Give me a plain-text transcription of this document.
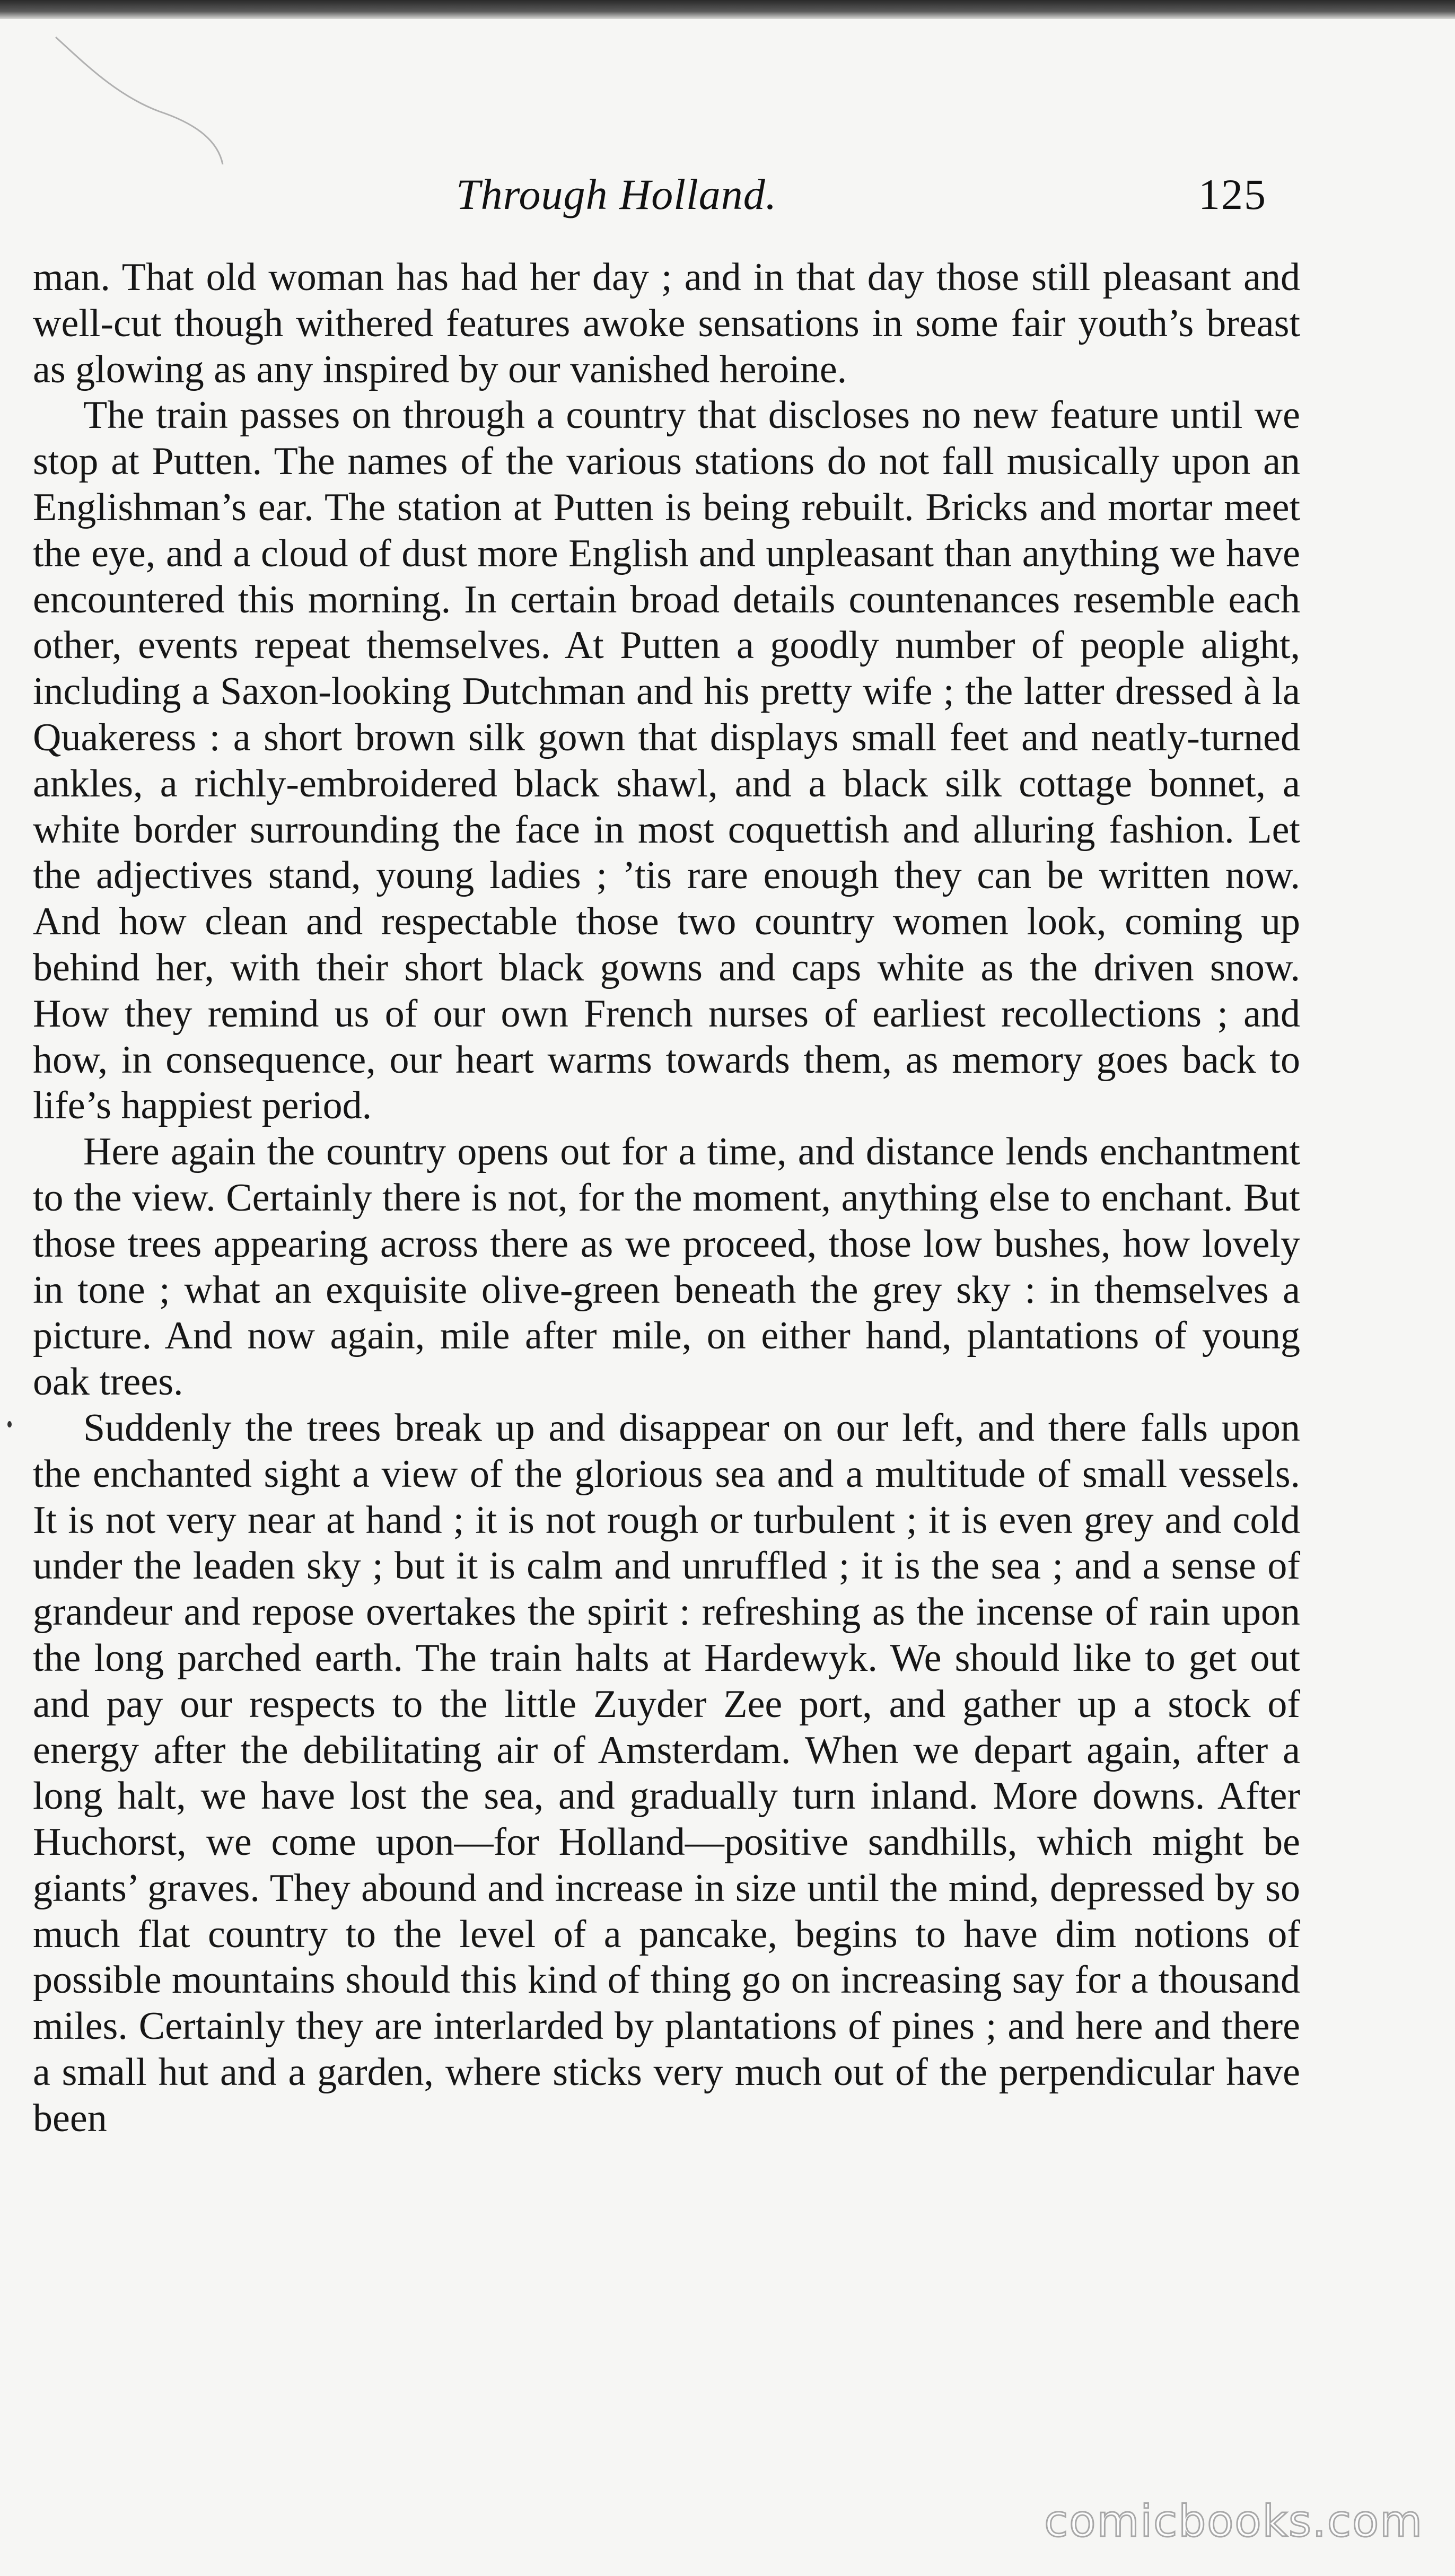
Through Holland.	125

man. That old woman has had her day ; and in that day those still pleasant and well-cut though withered features awoke sensations in some fair youth’s breast as glowing as any inspired by our vanished heroine.

The train passes on through a country that discloses no new feature until we stop at Putten. The names of the various stations do not fall musically upon an Englishman’s ear. The station at Putten is being rebuilt. Bricks and mortar meet the eye, and a cloud of dust more English and unpleasant than anything we have encountered this morning. In certain broad details countenances resemble each other, events repeat themselves. At Putten a goodly number of people alight, including a Saxon-looking Dutchman and his pretty wife ; the latter dressed à la Quakeress : a short brown silk gown that displays small feet and neatly-turned ankles, a richly-embroidered black shawl, and a black silk cottage bonnet, a white border surrounding the face in most coquettish and alluring fashion. Let the adjectives stand, young ladies ; ’tis rare enough they can be written now. And how clean and respectable those two country women look, coming up behind her, with their short black gowns and caps white as the driven snow. How they remind us of our own French nurses of earliest recollections ; and how, in consequence, our heart warms towards them, as memory goes back to life’s happiest period.

Here again the country opens out for a time, and distance lends enchantment to the view. Certainly there is not, for the moment, anything else to enchant. But those trees appearing across there as we proceed, those low bushes, how lovely in tone ; what an exquisite olive-green beneath the grey sky : in themselves a picture. And now again, mile after mile, on either hand, plantations of young oak trees.

Suddenly the trees break up and disappear on our left, and there falls upon the enchanted sight a view of the glorious sea and a multitude of small vessels. It is not very near at hand ; it is not rough or turbulent ; it is even grey and cold under the leaden sky ; but it is calm and unruffled ; it is the sea ; and a sense of grandeur and repose overtakes the spirit : refreshing as the incense of rain upon the long parched earth. The train halts at Hardewyk. We should like to get out and pay our respects to the little Zuyder Zee port, and gather up a stock of energy after the debilitating air of Amsterdam. When we depart again, after a long halt, we have lost the sea, and gradually turn inland. More downs. After Huchorst, we come upon—for Holland—positive sandhills, which might be giants’ graves. They abound and increase in size until the mind, depressed by so much flat country to the level of a pancake, begins to have dim notions of possible mountains should this kind of thing go on increasing say for a thousand miles. Certainly they are interlarded by plantations of pines ; and here and there a small hut and a garden, where sticks very much out of the perpendicular have been

comicbooks.com
